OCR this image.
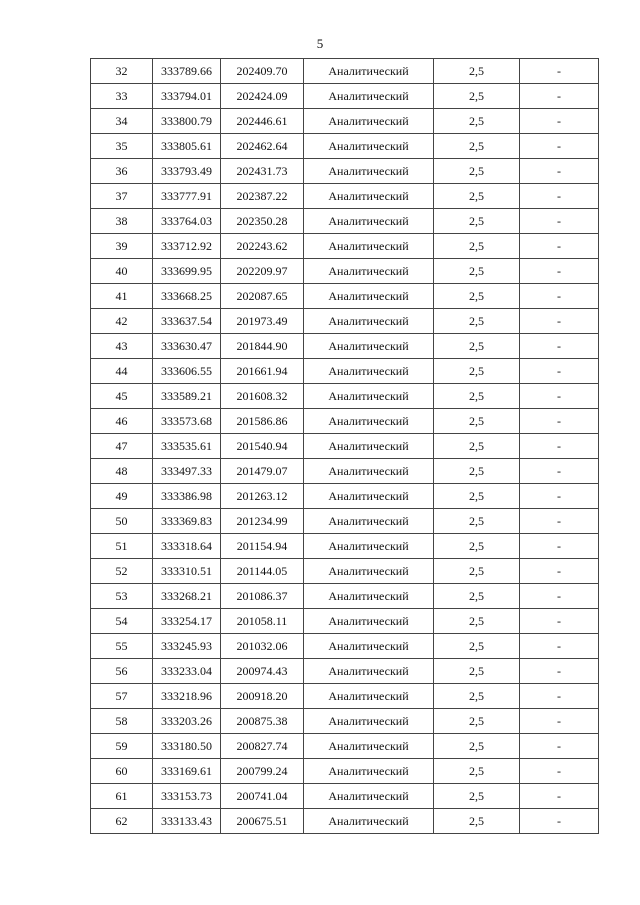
5
32	333789.66	202409.70	Аналитический	2,5	-
33	333794.01	202424.09	Аналитический	2,5	-
34	333800.79	202446.61	Аналитический	2,5	-
35	333805.61	202462.64	Аналитический	2,5	-
36	333793.49	202431.73	Аналитический	2,5	-
37	333777.91	202387.22	Аналитический	2,5	-
38	333764.03	202350.28	Аналитический	2,5	-
39	333712.92	202243.62	Аналитический	2,5	-
40	333699.95	202209.97	Аналитический	2,5	-
41	333668.25	202087.65	Аналитический	2,5	-
42	333637.54	201973.49	Аналитический	2,5	-
43	333630.47	201844.90	Аналитический	2,5	-
44	333606.55	201661.94	Аналитический	2,5	-
45	333589.21	201608.32	Аналитический	2,5	-
46	333573.68	201586.86	Аналитический	2,5	-
47	333535.61	201540.94	Аналитический	2,5	-
48	333497.33	201479.07	Аналитический	2,5	-
49	333386.98	201263.12	Аналитический	2,5	-
50	333369.83	201234.99	Аналитический	2,5	-
51	333318.64	201154.94	Аналитический	2,5	-
52	333310.51	201144.05	Аналитический	2,5	-
53	333268.21	201086.37	Аналитический	2,5	-
54	333254.17	201058.11	Аналитический	2,5	-
55	333245.93	201032.06	Аналитический	2,5	-
56	333233.04	200974.43	Аналитический	2,5	-
57	333218.96	200918.20	Аналитический	2,5	-
58	333203.26	200875.38	Аналитический	2,5	-
59	333180.50	200827.74	Аналитический	2,5	-
60	333169.61	200799.24	Аналитический	2,5	-
61	333153.73	200741.04	Аналитический	2,5	-
62	333133.43	200675.51	Аналитический	2,5	-
